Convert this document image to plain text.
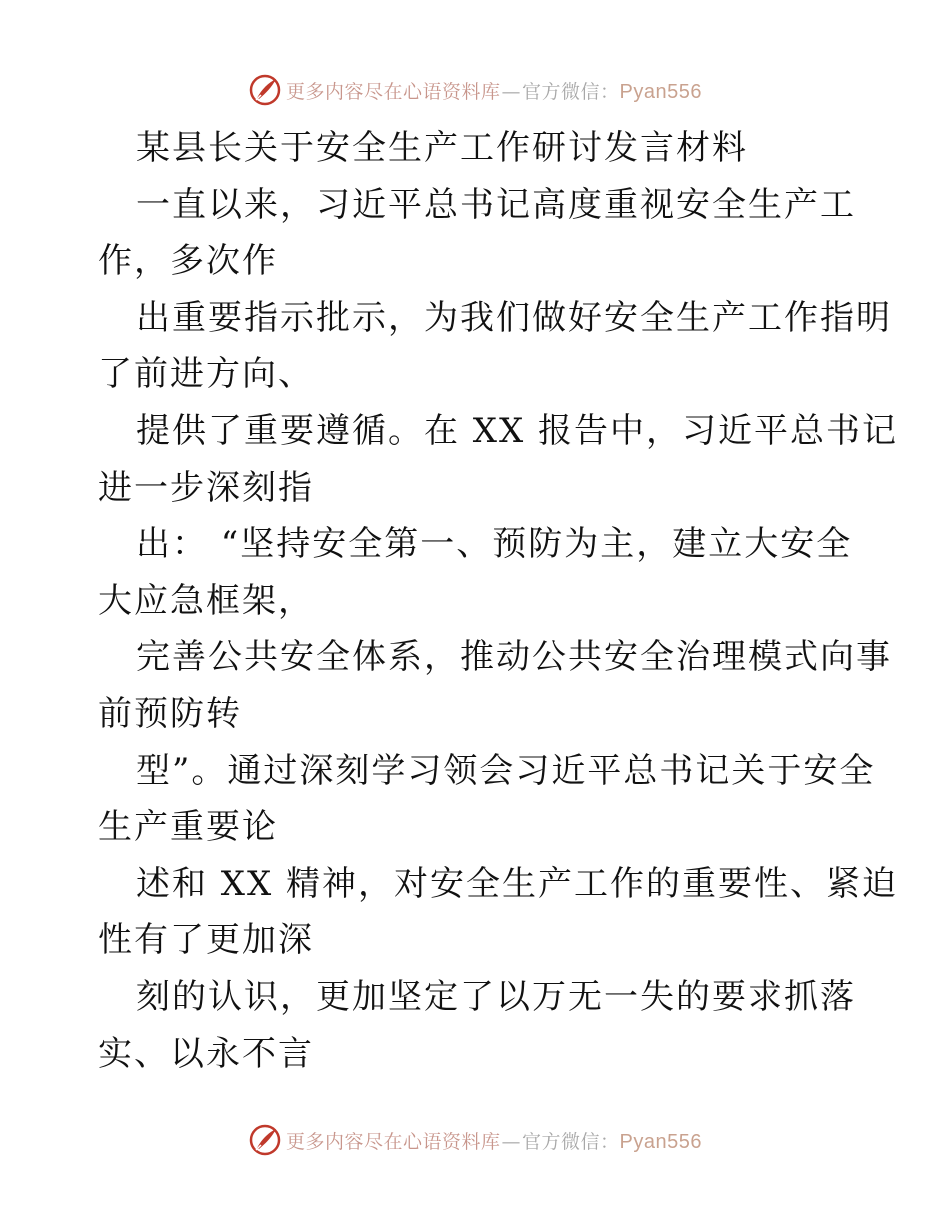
更多内容尽在心语资料库—官方微信：Pyan556
某县长关于安全生产工作研讨发言材料
一直以来，习近平总书记高度重视安全生产工
作，多次作
出重要指示批示，为我们做好安全生产工作指明
了前进方向、
提供了重要遵循。在 XX 报告中，习近平总书记
进一步深刻指
出： “坚持安全第一、预防为主，建立大安全
大应急框架，
完善公共安全体系，推动公共安全治理模式向事
前预防转
型”。通过深刻学习领会习近平总书记关于安全
生产重要论
述和 XX 精神，对安全生产工作的重要性、紧迫
性有了更加深
刻的认识，更加坚定了以万无一失的要求抓落
实、以永不言
更多内容尽在心语资料库—官方微信：Pyan556
